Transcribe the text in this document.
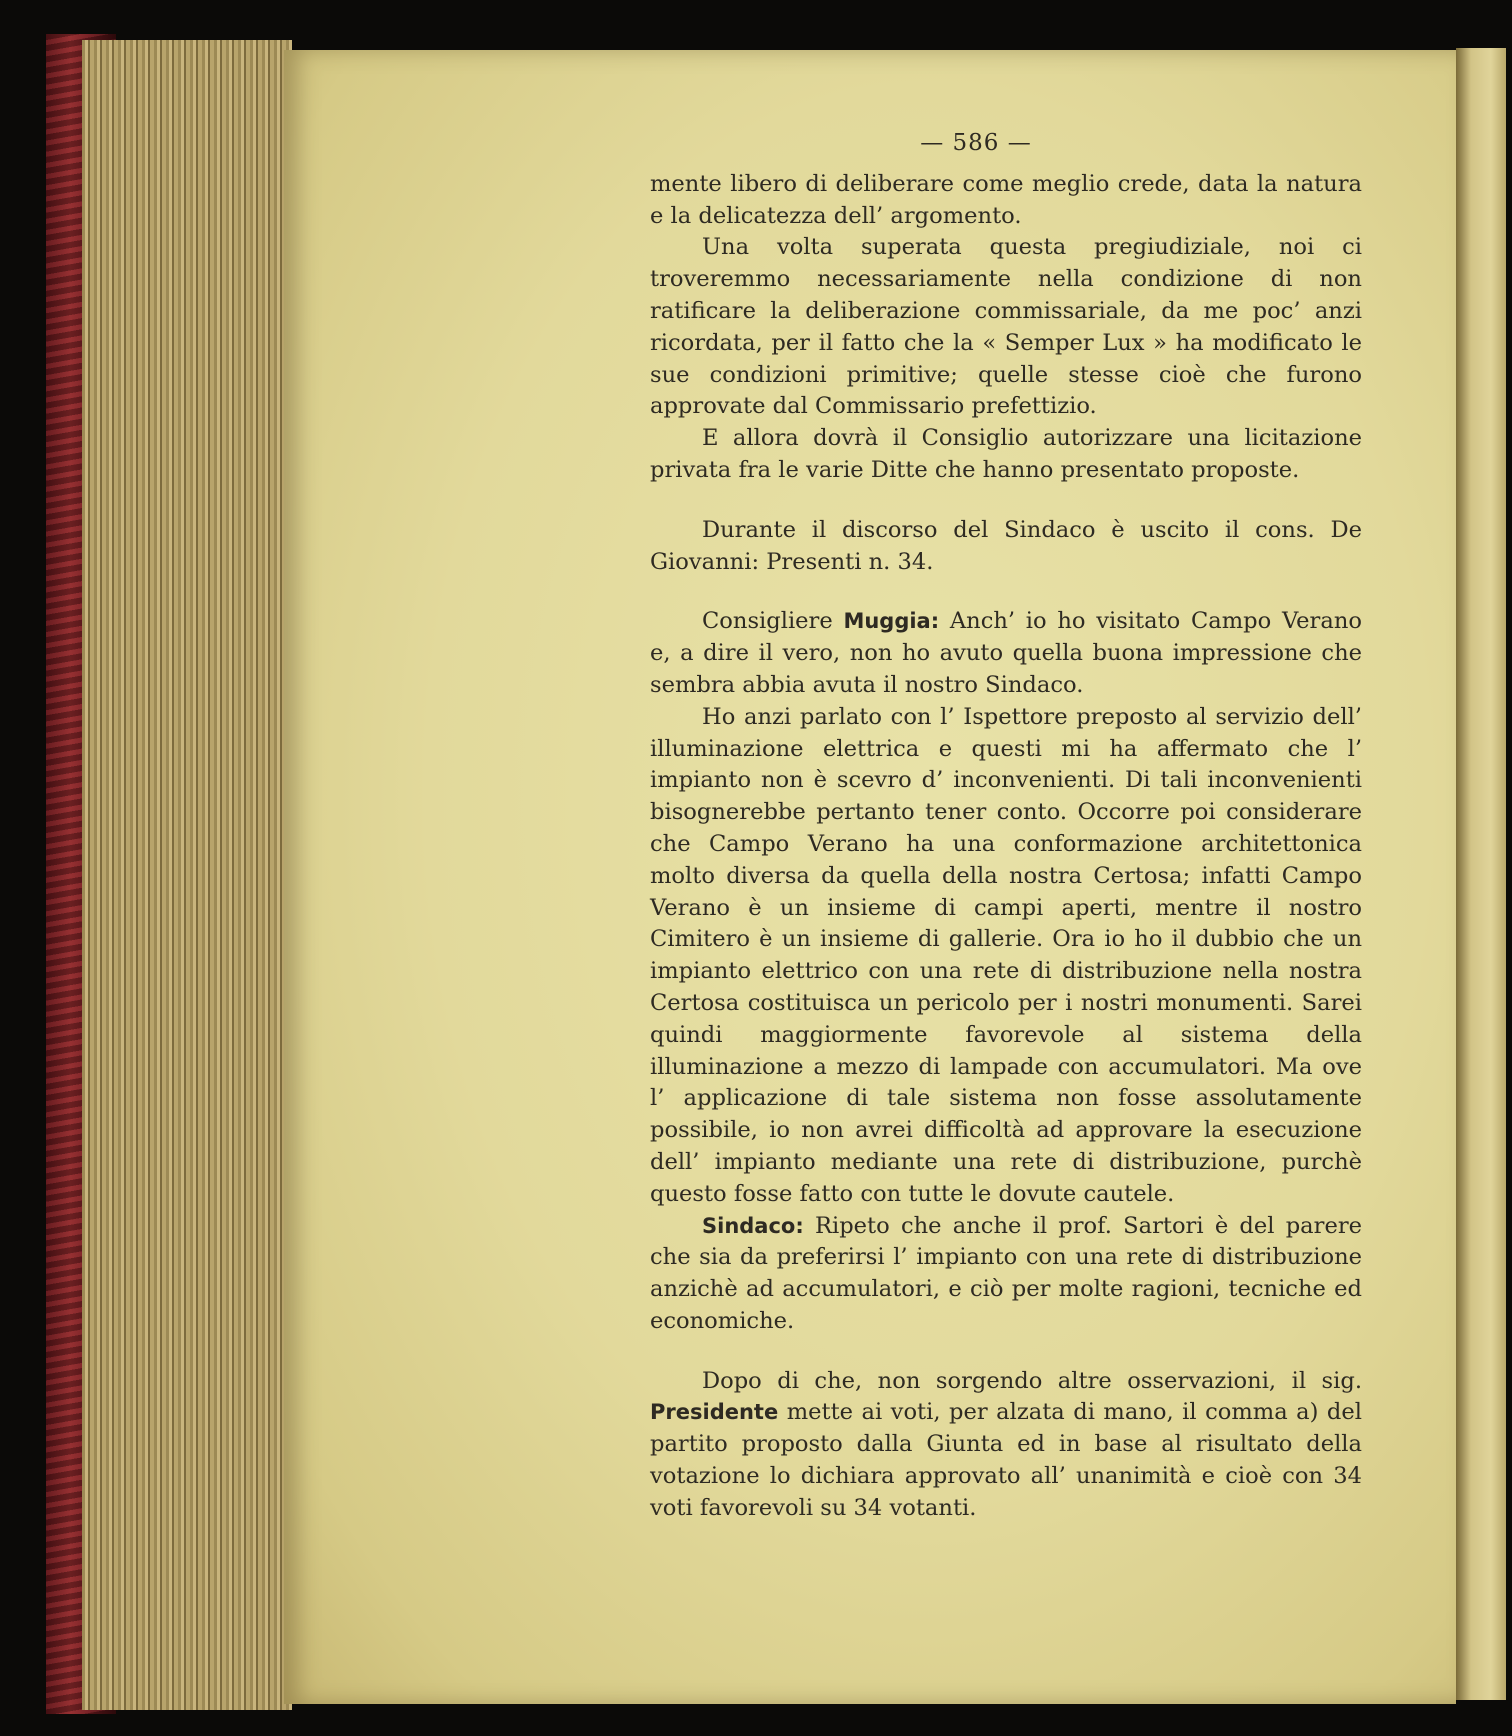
— 586 —

mente libero di deliberare come meglio crede, data la natura e la delicatezza dell’ argomento.

Una volta superata questa pregiudiziale, noi ci troveremmo necessariamente nella condizione di non ratificare la deliberazione commissariale, da me poc’ anzi ricordata, per il fatto che la « Semper Lux » ha modificato le sue condizioni primitive; quelle stesse cioè che furono approvate dal Commissario prefettizio.

E allora dovrà il Consiglio autorizzare una licitazione privata fra le varie Ditte che hanno presentato proposte.

Durante il discorso del Sindaco è uscito il cons. De Giovanni: Presenti n. 34.

Consigliere Muggia: Anch’ io ho visitato Campo Verano e, a dire il vero, non ho avuto quella buona impressione che sembra abbia avuta il nostro Sindaco.

Ho anzi parlato con l’ Ispettore preposto al servizio dell’ illuminazione elettrica e questi mi ha affermato che l’ impianto non è scevro d’ inconvenienti. Di tali inconvenienti bisognerebbe pertanto tener conto. Occorre poi considerare che Campo Verano ha una conformazione architettonica molto diversa da quella della nostra Certosa; infatti Campo Verano è un insieme di campi aperti, mentre il nostro Cimitero è un insieme di gallerie. Ora io ho il dubbio che un impianto elettrico con una rete di distribuzione nella nostra Certosa costituisca un pericolo per i nostri monumenti. Sarei quindi maggiormente favorevole al sistema della illuminazione a mezzo di lampade con accumulatori. Ma ove l’ applicazione di tale sistema non fosse assolutamente possibile, io non avrei difficoltà ad approvare la esecuzione dell’ impianto mediante una rete di distribuzione, purchè questo fosse fatto con tutte le dovute cautele.

Sindaco: Ripeto che anche il prof. Sartori è del parere che sia da preferirsi l’ impianto con una rete di distribuzione anzichè ad accumulatori, e ciò per molte ragioni, tecniche ed economiche.

Dopo di che, non sorgendo altre osservazioni, il sig. Presidente mette ai voti, per alzata di mano, il comma a) del partito proposto dalla Giunta ed in base al risultato della votazione lo dichiara approvato all’ unanimità e cioè con 34 voti favorevoli su 34 votanti.
